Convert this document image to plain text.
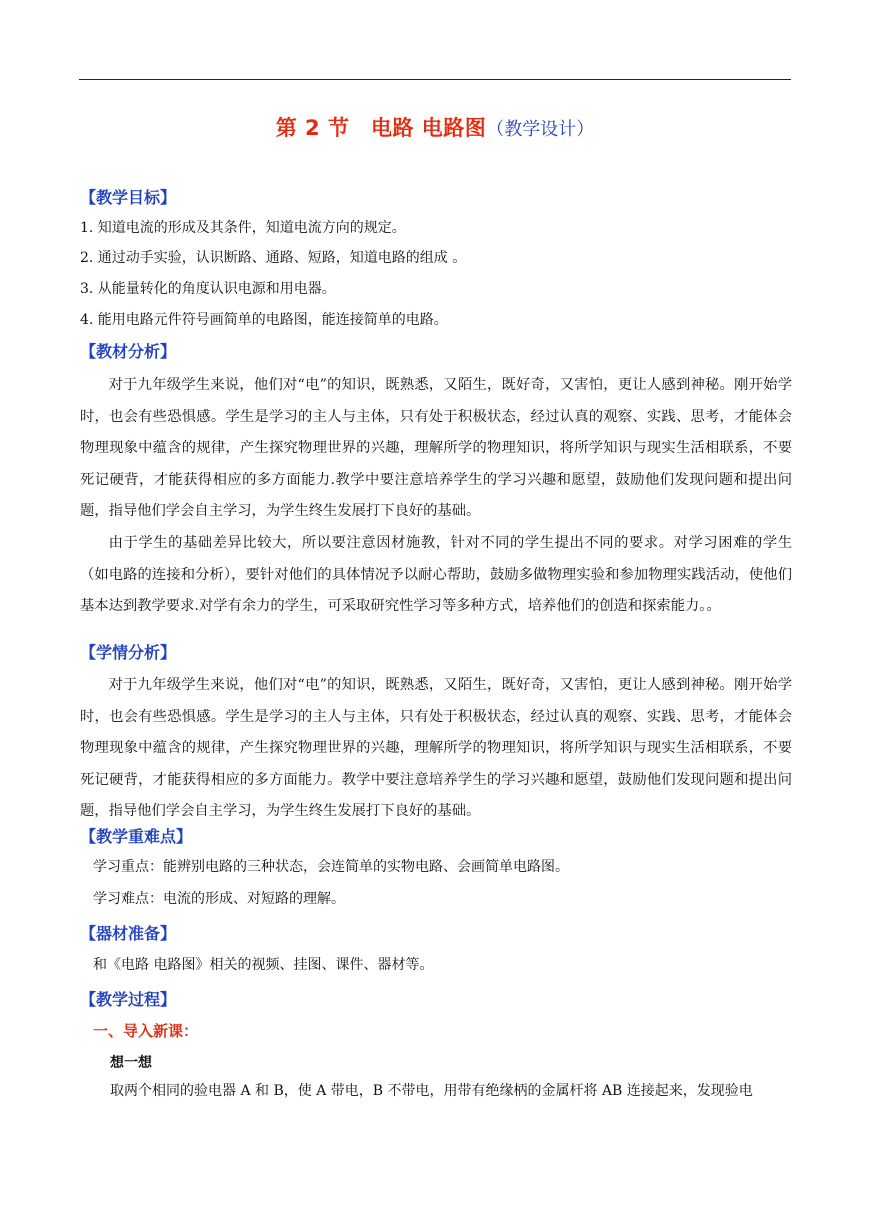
第 2 节　电路 电路图（教学设计）
【教学目标】
1. 知道电流的形成及其条件，知道电流方向的规定。
2. 通过动手实验，认识断路、通路、短路，知道电路的组成 。
3. 从能量转化的角度认识电源和用电器。
4. 能用电路元件符号画简单的电路图，能连接简单的电路。
【教材分析】
对于九年级学生来说，他们对“电”的知识，既熟悉，又陌生，既好奇，又害怕，更让人感到神秘。刚开始学时，也会有些恐惧感。学生是学习的主人与主体，只有处于积极状态，经过认真的观察、实践、思考，才能体会物理现象中蕴含的规律，产生探究物理世界的兴趣，理解所学的物理知识，将所学知识与现实生活相联系，不要死记硬背，才能获得相应的多方面能力.教学中要注意培养学生的学习兴趣和愿望，鼓励他们发现问题和提出问题，指导他们学会自主学习，为学生终生发展打下良好的基础。
由于学生的基础差异比较大，所以要注意因材施教，针对不同的学生提出不同的要求。对学习困难的学生（如电路的连接和分析），要针对他们的具体情况予以耐心帮助，鼓励多做物理实验和参加物理实践活动，使他们基本达到教学要求.对学有余力的学生，可采取研究性学习等多种方式，培养他们的创造和探索能力。。
【学情分析】
对于九年级学生来说，他们对“电”的知识，既熟悉，又陌生，既好奇，又害怕，更让人感到神秘。刚开始学时，也会有些恐惧感。学生是学习的主人与主体，只有处于积极状态，经过认真的观察、实践、思考，才能体会物理现象中蕴含的规律，产生探究物理世界的兴趣，理解所学的物理知识，将所学知识与现实生活相联系，不要死记硬背，才能获得相应的多方面能力。教学中要注意培养学生的学习兴趣和愿望，鼓励他们发现问题和提出问题，指导他们学会自主学习，为学生终生发展打下良好的基础。
【教学重难点】
学习重点：能辨别电路的三种状态，会连简单的实物电路、会画简单电路图。
学习难点：电流的形成、对短路的理解。
【器材准备】
和《电路 电路图》相关的视频、挂图、课件、器材等。
【教学过程】
一、导入新课：
想一想
取两个相同的验电器 A 和 B，使 A 带电，B 不带电，用带有绝缘柄的金属杆将 AB 连接起来，发现验电
